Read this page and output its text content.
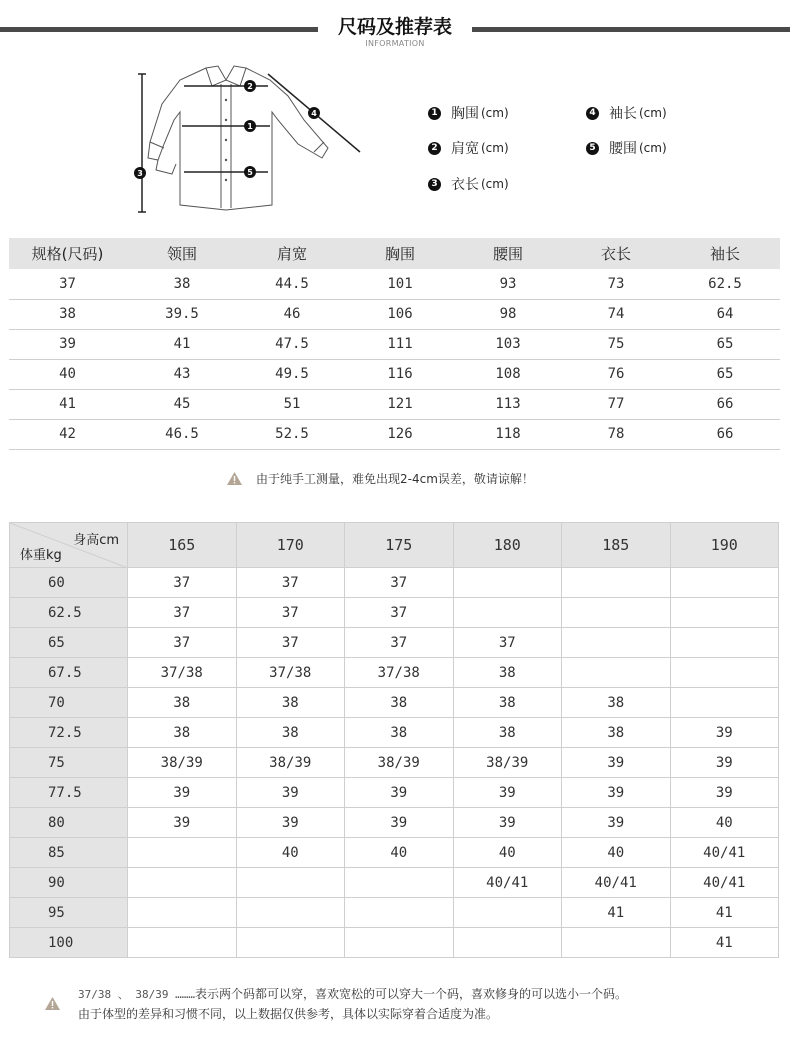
尺码及推荐表
INFORMATION
2
1
3
4
5
1 胸围 (cm)
2 肩宽 (cm)
3 衣长 (cm)
4 袖长 (cm)
5 腰围 (cm)
规格(尺码)	领围	肩宽	胸围	腰围	衣长	袖长
37	38	44.5	101	93	73	62.5
38	39.5	46	106	98	74	64
39	41	47.5	111	103	75	65
40	43	49.5	116	108	76	65
41	45	51	121	113	77	66
42	46.5	52.5	126	118	78	66
由于纯手工测量，难免出现2-4cm误差，敬请谅解！
身高cm
体重kg	165	170	175	180	185	190
60	37	37	37			
62.5	37	37	37			
65	37	37	37	37		
67.5	37/38	37/38	37/38	38		
70	38	38	38	38	38	
72.5	38	38	38	38	38	39
75	38/39	38/39	38/39	38/39	39	39
77.5	39	39	39	39	39	39
80	39	39	39	39	39	40
85		40	40	40	40	40/41
90				40/41	40/41	40/41
95					41	41
100						41
37/38 、 38/39 ………表示两个码都可以穿，喜欢宽松的可以穿大一个码，喜欢修身的可以选小一个码。
由于体型的差异和习惯不同，以上数据仅供参考，具体以实际穿着合适度为准。
